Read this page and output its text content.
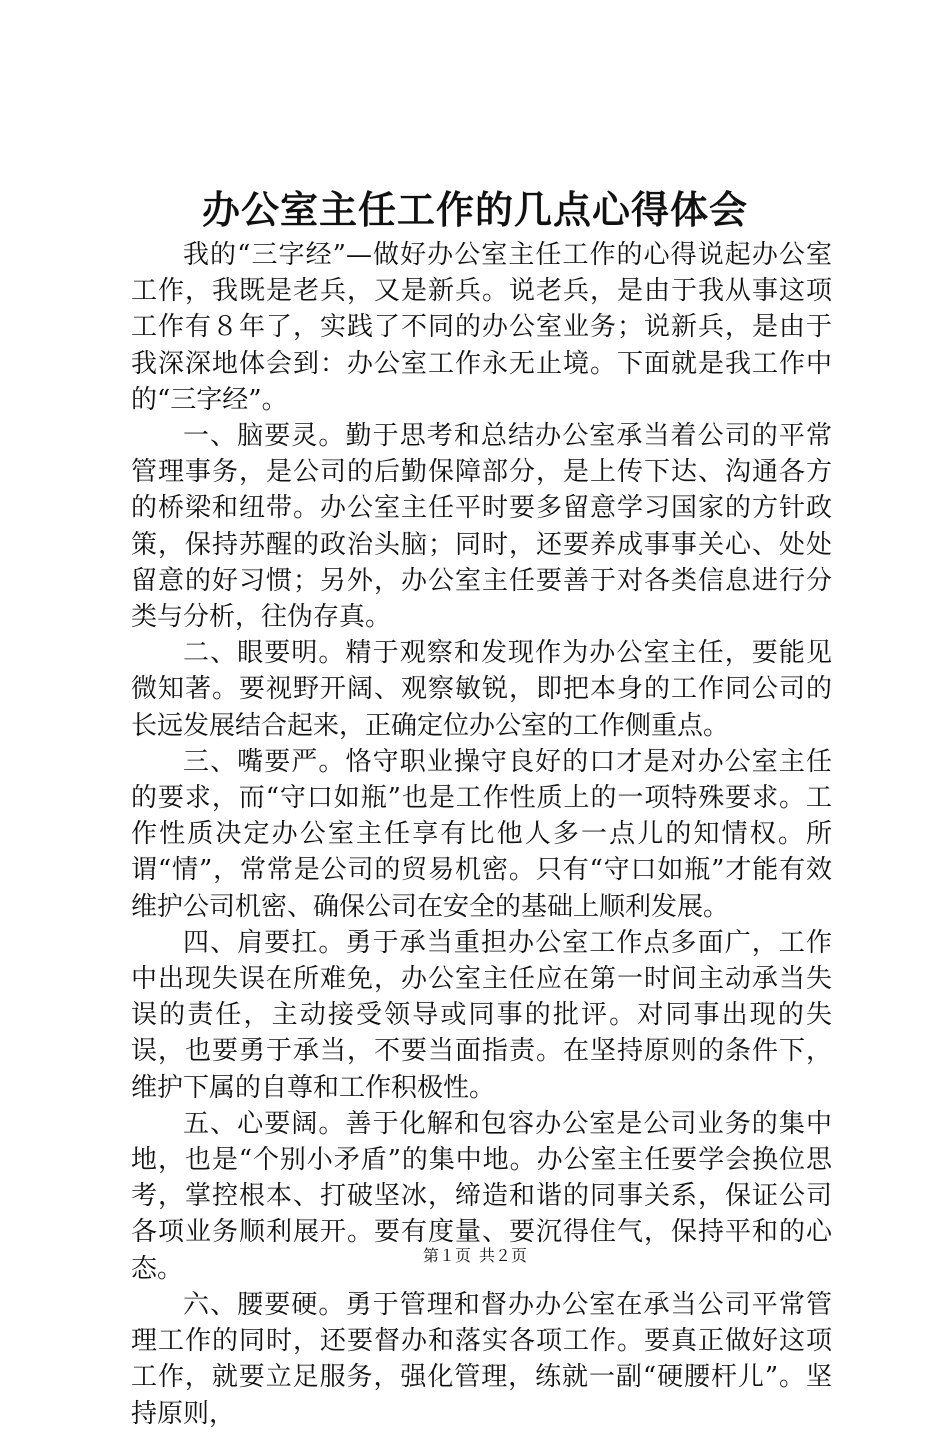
办公室主任工作的几点心得体会

我的“三字经”—做好办公室主任工作的心得说起办公室工作，我既是老兵，又是新兵。说老兵，是由于我从事这项工作有８年了，实践了不同的办公室业务；说新兵，是由于我深深地体会到：办公室工作永无止境。下面就是我工作中的“三字经”。

一、脑要灵。勤于思考和总结办公室承当着公司的平常管理事务，是公司的后勤保障部分，是上传下达、沟通各方的桥梁和纽带。办公室主任平时要多留意学习国家的方针政策，保持苏醒的政治头脑；同时，还要养成事事关心、处处留意的好习惯；另外，办公室主任要善于对各类信息进行分类与分析，往伪存真。

二、眼要明。精于观察和发现作为办公室主任，要能见微知著。要视野开阔、观察敏锐，即把本身的工作同公司的长远发展结合起来，正确定位办公室的工作侧重点。

三、嘴要严。恪守职业操守良好的口才是对办公室主任的要求，而“守口如瓶”也是工作性质上的一项特殊要求。工作性质决定办公室主任享有比他人多一点儿的知情权。所谓“情”，常常是公司的贸易机密。只有“守口如瓶”才能有效维护公司机密、确保公司在安全的基础上顺利发展。

四、肩要扛。勇于承当重担办公室工作点多面广，工作中出现失误在所难免，办公室主任应在第一时间主动承当失误的责任，主动接受领导或同事的批评。对同事出现的失误，也要勇于承当，不要当面指责。在坚持原则的条件下，维护下属的自尊和工作积极性。

五、心要阔。善于化解和包容办公室是公司业务的集中地，也是“个别小矛盾”的集中地。办公室主任要学会换位思考，掌控根本、打破坚冰，缔造和谐的同事关系，保证公司各项业务顺利展开。要有度量、要沉得住气，保持平和的心态。

六、腰要硬。勇于管理和督办办公室在承当公司平常管理工作的同时，还要督办和落实各项工作。要真正做好这项工作，就要立足服务，强化管理，练就一副“硬腰杆儿”。坚持原则，

第１页 共２页
